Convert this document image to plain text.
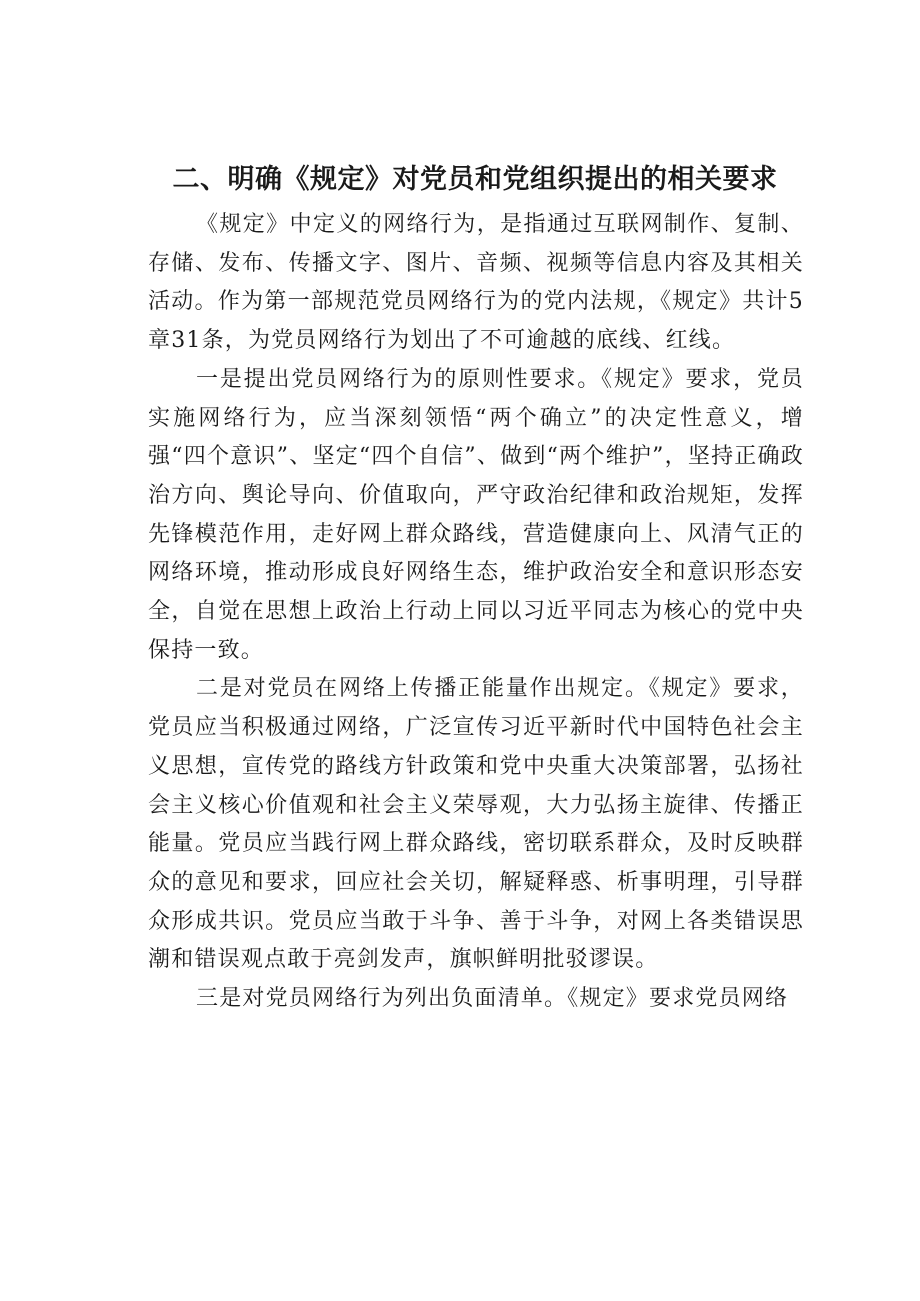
二、明确《规定》对党员和党组织提出的相关要求

《规定》中定义的网络行为，是指通过互联网制作、复制、存储、发布、传播文字、图片、音频、视频等信息内容及其相关活动。作为第一部规范党员网络行为的党内法规，《规定》共计5章31条，为党员网络行为划出了不可逾越的底线、红线。

一是提出党员网络行为的原则性要求。《规定》要求，党员实施网络行为，应当深刻领悟“两个确立”的决定性意义，增强“四个意识”、坚定“四个自信”、做到“两个维护”，坚持正确政治方向、舆论导向、价值取向，严守政治纪律和政治规矩，发挥先锋模范作用，走好网上群众路线，营造健康向上、风清气正的网络环境，推动形成良好网络生态，维护政治安全和意识形态安全，自觉在思想上政治上行动上同以习近平同志为核心的党中央保持一致。

二是对党员在网络上传播正能量作出规定。《规定》要求，党员应当积极通过网络，广泛宣传习近平新时代中国特色社会主义思想，宣传党的路线方针政策和党中央重大决策部署，弘扬社会主义核心价值观和社会主义荣辱观，大力弘扬主旋律、传播正能量。党员应当践行网上群众路线，密切联系群众，及时反映群众的意见和要求，回应社会关切，解疑释惑、析事明理，引导群众形成共识。党员应当敢于斗争、善于斗争，对网上各类错误思潮和错误观点敢于亮剑发声，旗帜鲜明批驳谬误。

三是对党员网络行为列出负面清单。《规定》要求党员网络
